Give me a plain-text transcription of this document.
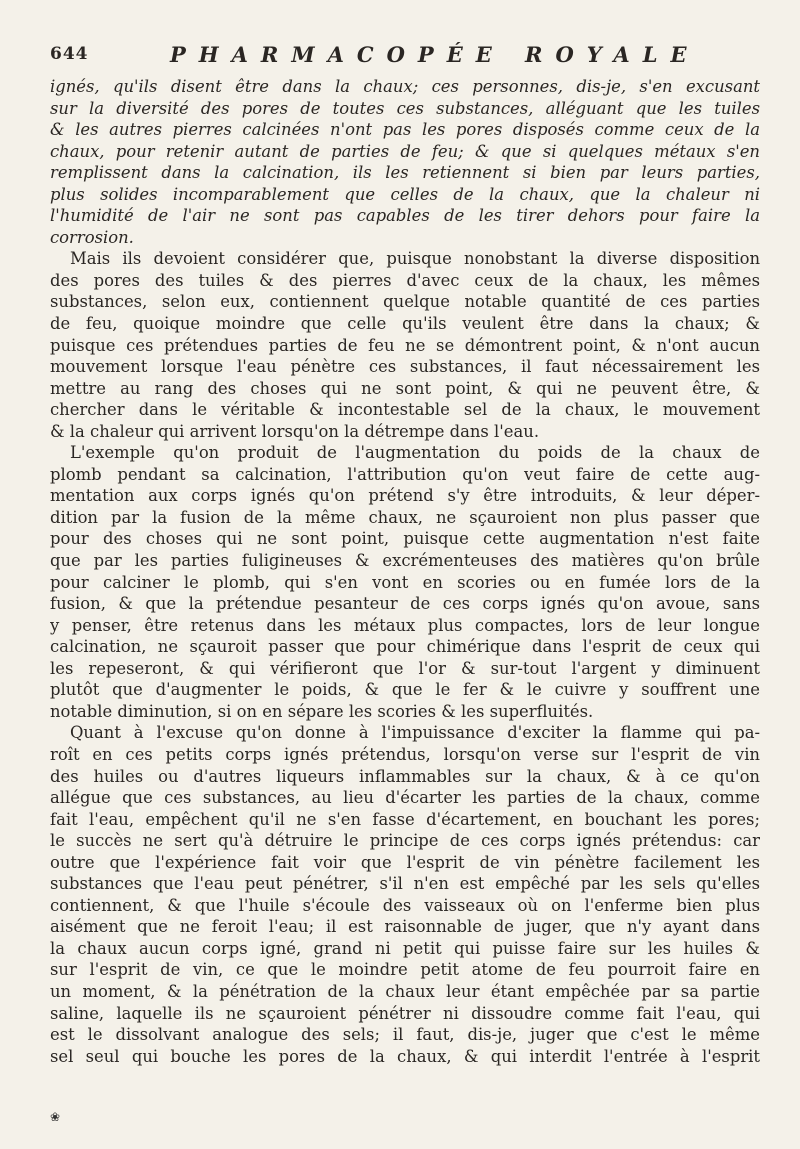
644	PHARMACOPÉE ROYALE
ignés, qu'ils disent être dans la chaux; ces personnes, dis-je, s'en excusant
sur la diversité des pores de toutes ces substances, alléguant que les tuiles
& les autres pierres calcinées n'ont pas les pores disposés comme ceux de la
chaux, pour retenir autant de parties de feu; & que si quelques métaux s'en
remplissent dans la calcination, ils les retiennent si bien par leurs parties,
plus solides incomparablement que celles de la chaux, que la chaleur ni
l'humidité de l'air ne sont pas capables de les tirer dehors pour faire la
corrosion.
Mais ils devoient considérer que, puisque nonobstant la diverse disposition
des pores des tuiles & des pierres d'avec ceux de la chaux, les mêmes
substances, selon eux, contiennent quelque notable quantité de ces parties
de feu, quoique moindre que celle qu'ils veulent être dans la chaux; &
puisque ces prétendues parties de feu ne se démontrent point, & n'ont aucun
mouvement lorsque l'eau pénètre ces substances, il faut nécessairement les
mettre au rang des choses qui ne sont point, & qui ne peuvent être, &
chercher dans le véritable & incontestable sel de la chaux, le mouvement
& la chaleur qui arrivent lorsqu'on la détrempe dans l'eau.
L'exemple qu'on produit de l'augmentation du poids de la chaux de
plomb pendant sa calcination, l'attribution qu'on veut faire de cette aug-
mentation aux corps ignés qu'on prétend s'y être introduits, & leur déper-
dition par la fusion de la même chaux, ne sçauroient non plus passer que
pour des choses qui ne sont point, puisque cette augmentation n'est faite
que par les parties fuligineuses & excrémenteuses des matières qu'on brûle
pour calciner le plomb, qui s'en vont en scories ou en fumée lors de la
fusion, & que la prétendue pesanteur de ces corps ignés qu'on avoue, sans
y penser, être retenus dans les métaux plus compactes, lors de leur longue
calcination, ne sçauroit passer que pour chimérique dans l'esprit de ceux qui
les repeseront, & qui vérifieront que l'or & sur-tout l'argent y diminuent
plutôt que d'augmenter le poids, & que le fer & le cuivre y souffrent une
notable diminution, si on en sépare les scories & les superfluités.
Quant à l'excuse qu'on donne à l'impuissance d'exciter la flamme qui pa-
roît en ces petits corps ignés prétendus, lorsqu'on verse sur l'esprit de vin
des huiles ou d'autres liqueurs inflammables sur la chaux, & à ce qu'on
allégue que ces substances, au lieu d'écarter les parties de la chaux, comme
fait l'eau, empêchent qu'il ne s'en fasse d'écartement, en bouchant les pores;
le succès ne sert qu'à détruire le principe de ces corps ignés prétendus: car
outre que l'expérience fait voir que l'esprit de vin pénètre facilement les
substances que l'eau peut pénétrer, s'il n'en est empêché par les sels qu'elles
contiennent, & que l'huile s'écoule des vaisseaux où on l'enferme bien plus
aisément que ne feroit l'eau; il est raisonnable de juger, que n'y ayant dans
la chaux aucun corps igné, grand ni petit qui puisse faire sur les huiles &
sur l'esprit de vin, ce que le moindre petit atome de feu pourroit faire en
un moment, & la pénétration de la chaux leur étant empêchée par sa partie
saline, laquelle ils ne sçauroient pénétrer ni dissoudre comme fait l'eau, qui
est le dissolvant analogue des sels; il faut, dis-je, juger que c'est le même
sel seul qui bouche les pores de la chaux, & qui interdit l'entrée à l'esprit
❀
